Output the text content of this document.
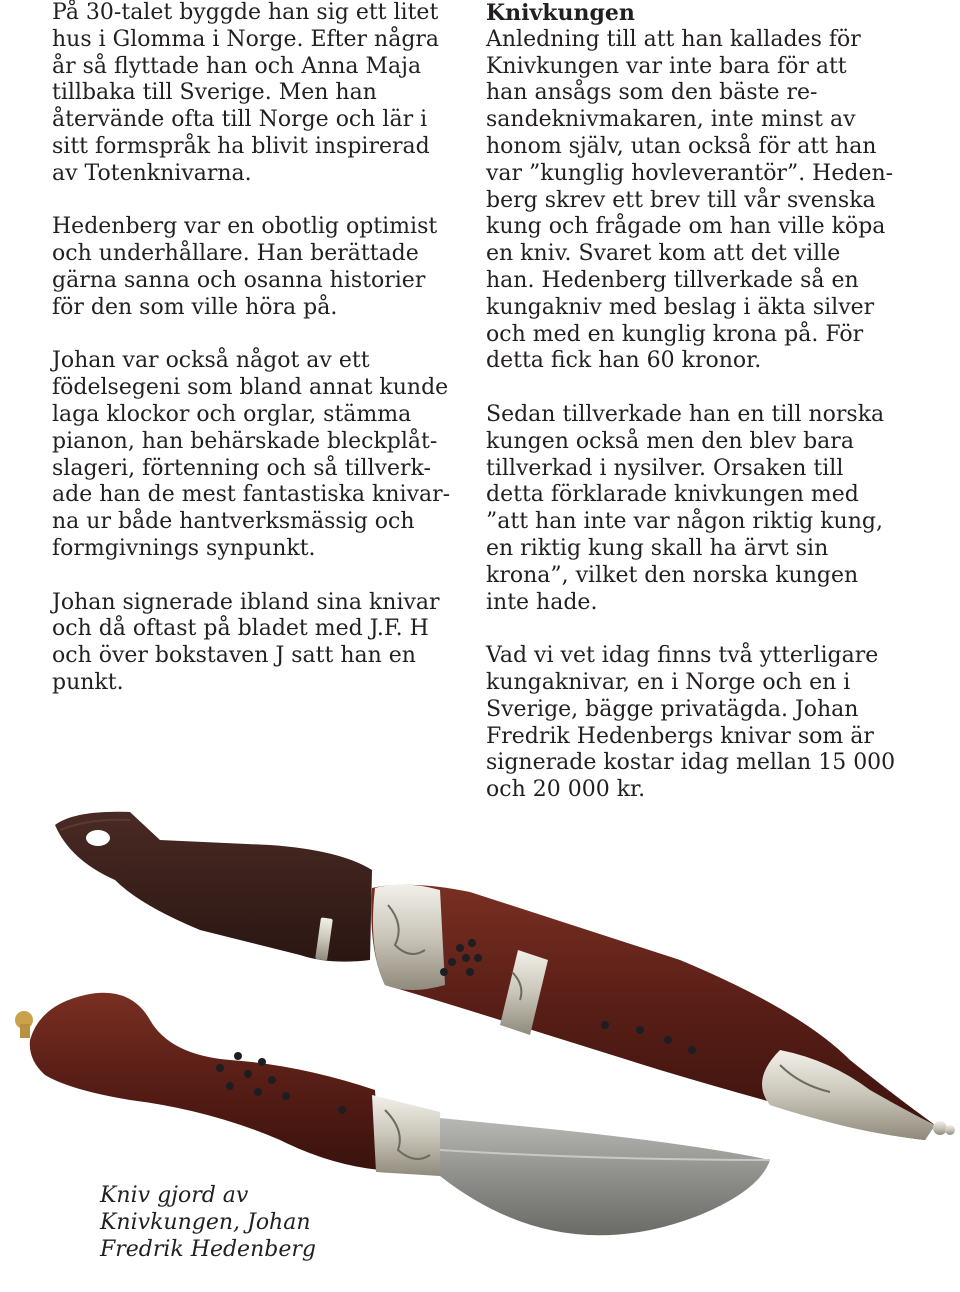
På 30-talet byggde han sig ett litet
hus i Glomma i Norge. Efter några
år så flyttade han och Anna Maja
tillbaka till Sverige. Men han
återvände ofta till Norge och lär i
sitt formspråk ha blivit inspirerad
av Totenknivarna.

Hedenberg var en obotlig optimist
och underhållare. Han berättade
gärna sanna och osanna historier
för den som ville höra på.

Johan var också något av ett
födelsegeni som bland annat kunde
laga klockor och orglar, stämma
pianon, han behärskade bleckplåt-
slageri, förtenning och så tillverk-
ade han de mest fantastiska knivar-
na ur både hantverksmässig och
formgivnings synpunkt.

Johan signerade ibland sina knivar
och då oftast på bladet med J.F. H
och över bokstaven J satt han en
punkt.

Knivkungen
Anledning till att han kallades för
Knivkungen var inte bara för att
han ansågs som den bäste re-
sandeknivmakaren, inte minst av
honom själv, utan också för att han
var ”kunglig hovleverantör”. Heden-
berg skrev ett brev till vår svenska
kung och frågade om han ville köpa
en kniv. Svaret kom att det ville
han. Hedenberg tillverkade så en
kungakniv med beslag i äkta silver
och med en kunglig krona på. För
detta fick han 60 kronor.

Sedan tillverkade han en till norska
kungen också men den blev bara
tillverkad i nysilver. Orsaken till
detta förklarade knivkungen med
”att han inte var någon riktig kung,
en riktig kung skall ha ärvt sin
krona”, vilket den norska kungen
inte hade.

Vad vi vet idag finns två ytterligare
kungaknivar, en i Norge och en i
Sverige, bägge privatägda. Johan
Fredrik Hedenbergs knivar som är
signerade kostar idag mellan 15 000
och 20 000 kr.

Kniv gjord av
Knivkungen, Johan
Fredrik Hedenberg
